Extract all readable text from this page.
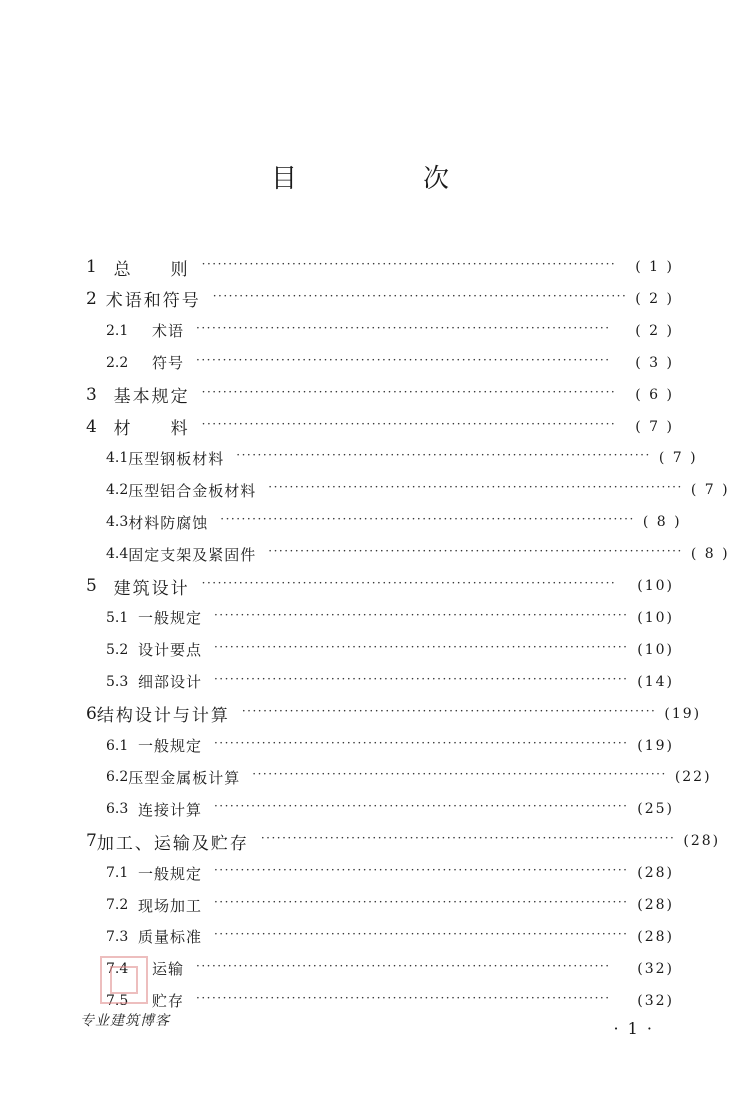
目　次
1 总　　则 ··············································································	( 1 )
2 术语和符号 ·············································································· ( 2 )
2.1	术语 ··············································································	( 2 )
2.2	符号 ··············································································	( 3 )
3 基本规定 ··············································································	( 6 )
4 材　　料 ··············································································	( 7 )
4.1 压型钢板材料 ·············································································· ( 7 )
4.2 压型铝合金板材料 ·············································································· ( 7 )
4.3 材料防腐蚀 ·············································································· ( 8 )
4.4 固定支架及紧固件 ·············································································· ( 8 )
5 建筑设计 ··············································································	(10)
5.1 一般规定 ·············································································· (10)
5.2 设计要点 ·············································································· (10)
5.3 细部设计 ·············································································· (14)
6 结构设计与计算 ·············································································· (19)
6.1 一般规定 ·············································································· (19)
6.2 压型金属板计算 ·············································································· (22)
6.3 连接计算 ·············································································· (25)
7 加工、运输及贮存 ·············································································· (28)
7.1 一般规定 ·············································································· (28)
7.2 现场加工 ·············································································· (28)
7.3 质量标准 ·············································································· (28)
7.4	运输 ··············································································	(32)
7.5	贮存 ··············································································	(32)
专业建筑博客	· 1 ·
